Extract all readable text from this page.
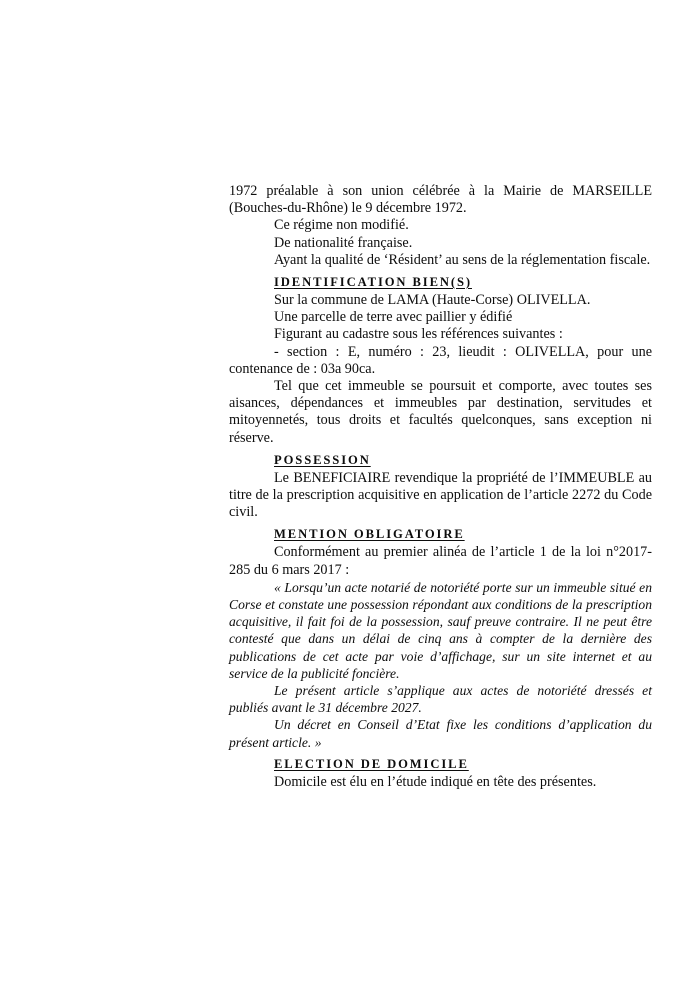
1972 préalable à son union célébrée à la Mairie de MARSEILLE (Bouches-du-Rhône) le 9 décembre 1972.

Ce régime non modifié.

De nationalité française.

Ayant la qualité de ‘Résident’ au sens de la réglementation fiscale.

IDENTIFICATION BIEN(S)

Sur la commune de LAMA (Haute-Corse) OLIVELLA.

Une parcelle de terre avec paillier y édifié

Figurant au cadastre sous les références suivantes :

- section : E, numéro : 23, lieudit : OLIVELLA, pour une contenance de : 03a 90ca.

Tel que cet immeuble se poursuit et comporte, avec toutes ses aisances, dépendances et immeubles par destination, servitudes et mitoyennetés, tous droits et facultés quelconques, sans exception ni réserve.

POSSESSION

Le BENEFICIAIRE revendique la propriété de l’IMMEUBLE au titre de la prescription acquisitive en application de l’article 2272 du Code civil.

MENTION OBLIGATOIRE

Conformément au premier alinéa de l’article 1 de la loi n°2017-285 du 6 mars 2017 :

« Lorsqu’un acte notarié de notoriété porte sur un immeuble situé en Corse et constate une possession répondant aux conditions de la prescription acquisitive, il fait foi de la possession, sauf preuve contraire. Il ne peut être contesté que dans un délai de cinq ans à compter de la dernière des publications de cet acte par voie d’affichage, sur un site internet et au service de la publicité foncière.

Le présent article s’applique aux actes de notoriété dressés et publiés avant le 31 décembre 2027.

Un décret en Conseil d’Etat fixe les conditions d’application du présent article. »

ELECTION DE DOMICILE

Domicile est élu en l’étude indiqué en tête des présentes.
